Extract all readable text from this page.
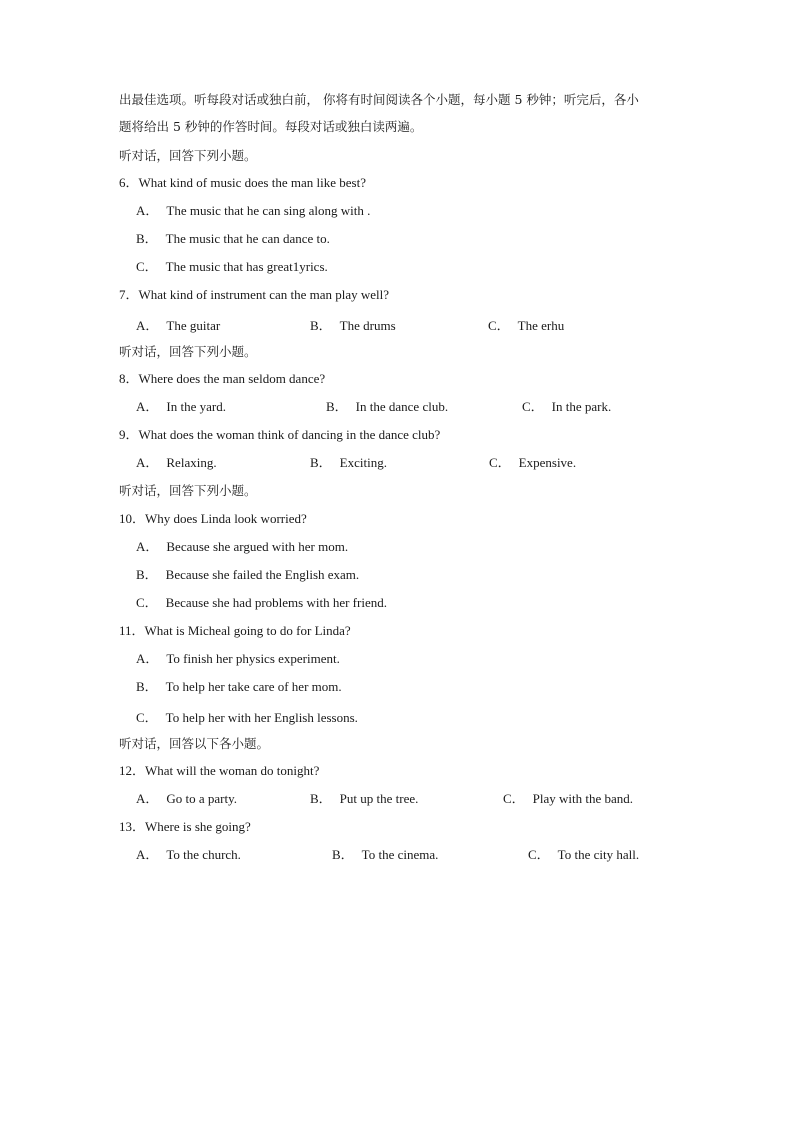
出最佳选项。听每段对话或独白前， 你将有时间阅读各个小题，每小题 5 秒钟；听完后，各小
题将给出 5 秒钟的作答时间。每段对话或独白读两遍。
听对话，回答下列小题。
6．What kind of music does the man like best?
A． The music that he can sing along with .
B． The music that he can dance to.
C． The music that has great1yrics.
7．What kind of instrument can the man play well?
A． The guitar	B． The drums	C． The erhu
听对话，回答下列小题。
8．Where does the man seldom dance?
A． In the yard.	B． In the dance club.	C． In the park.
9．What does the woman think of dancing in the dance club?
A． Relaxing.	B． Exciting.	C． Expensive.
听对话，回答下列小题。
10．Why does Linda look worried?
A． Because she argued with her mom.
B． Because she failed the English exam.
C． Because she had problems with her friend.
11．What is Micheal going to do for Linda?
A． To finish her physics experiment.
B． To help her take care of her mom.
C． To help her with her English lessons.
听对话，回答以下各小题。
12．What will the woman do tonight?
A． Go to a party.	B． Put up the tree.	C． Play with the band.
13．Where is she going?
A． To the church.	B． To the cinema.	C． To the city hall.
